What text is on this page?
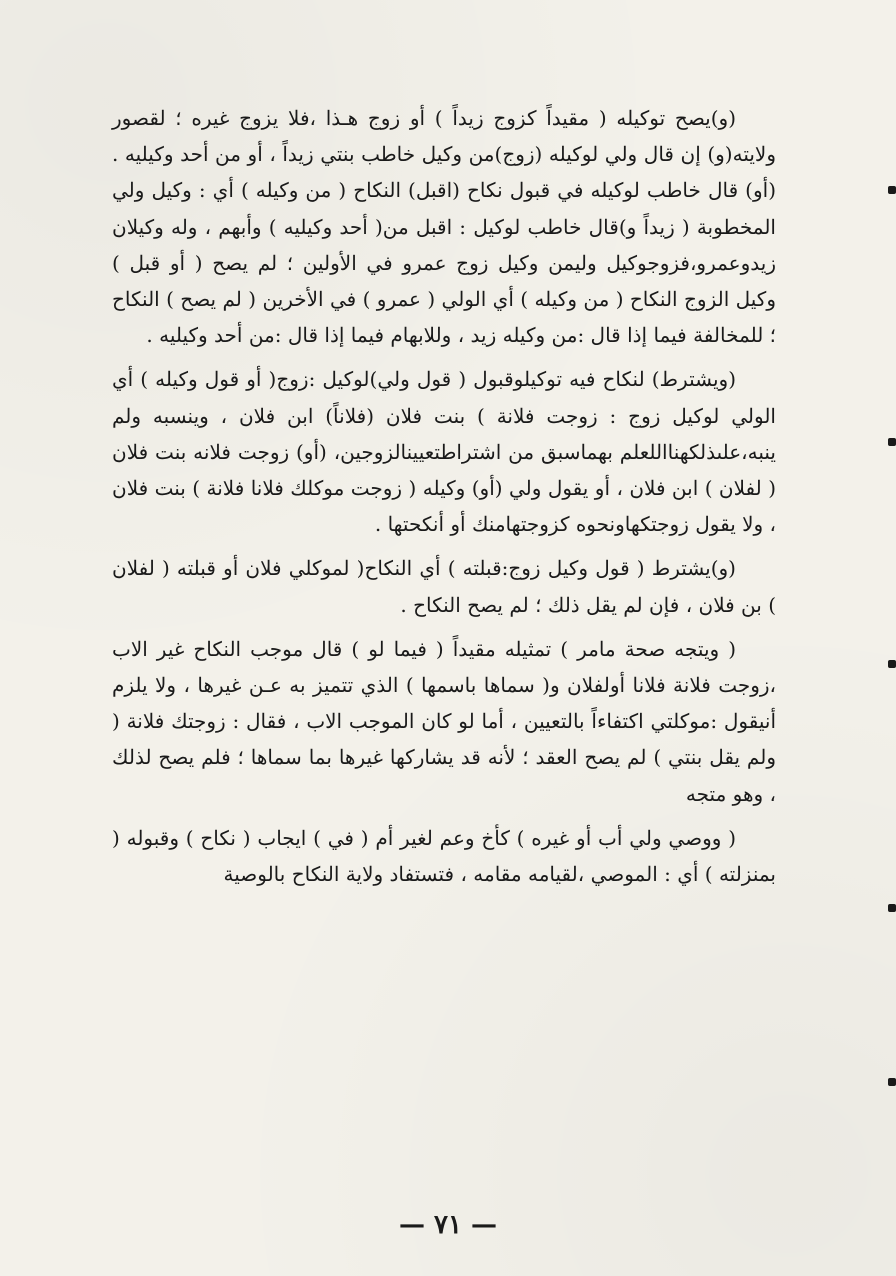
(و)يصح توكيله ( مقيداً كزوج زيداً ) أو زوج هـذا ،فلا يزوج غيره ؛ لقصور ولايته(و) إن قال ولي لوكيله (زوج)من وكيل خاطب بنتي زيداً ، أو من أحد وكيليه . (أو) قال خاطب لوكيله في قبول نكاح (اقبل) النكاح ( من وكيله ) أي : وكيل ولي المخطوبة ( زيداً و)قال خاطب لوكيل : اقبل من( أحد وكيليه ) وأبهم ، وله وكيلان زيدوعمرو،فزوجوكيل وليمن وكيل زوج عمرو في الأولين ؛ لم يصح ( أو قبل ) وكيل الزوج النكاح ( من وكيله ) أي الولي ( عمرو ) في الأخرين ( لم يصح ) النكاح ؛ للمخالفة فيما إذا قال :من وكيله زيد ، وللابهام فيما إذا قال :من أحد وكيليه .

(ويشترط) لنكاح فيه توكيلوقبول ( قول ولي)لوكيل :زوج( أو قول وكيله ) أي الولي لوكيل زوج : زوجت فلانة ) بنت فلان (فلاناً) ابن فلان ، وينسبه ولم ينبه،علىذلكهنااللعلم بهماسبق من اشتراطتعيينالزوجين، (أو) زوجت فلانه بنت فلان ( لفلان ) ابن فلان ، أو يقول ولي (أو) وكيله ( زوجت موكلك فلانا فلانة ) بنت فلان ، ولا يقول زوجتكهاونحوه كزوجتهامنك أو أنكحتها .

(و)يشترط ( قول وكيل زوج:قبلته ) أي النكاح( لموكلي فلان أو قبلته ( لفلان ) بن فلان ، فإن لم يقل ذلك ؛ لم يصح النكاح .

( ويتجه صحة مامر ) تمثيله مقيداً ( فيما لو ) قال موجب النكاح غير الاب ،زوجت فلانة فلانا أولفلان و( سماها باسمها ) الذي تتميز به عـن غيرها ، ولا يلزم أنيقول :موكلتي اكتفاءاً بالتعيين ، أما لو كان الموجب الاب ، فقال : زوجتك فلانة ( ولم يقل بنتي ) لم يصح العقد ؛ لأنه قد يشاركها غيرها بما سماها ؛ فلم يصح لذلك ، وهو متجه

( ووصي ولي أب أو غيره ) كأخ وعم لغير أم ( في ) ايجاب ( نكاح ) وقبوله ( بمنزلته ) أي : الموصي ،لقيامه مقامه ، فتستفاد ولاية النكاح بالوصية

— ٧١ —
